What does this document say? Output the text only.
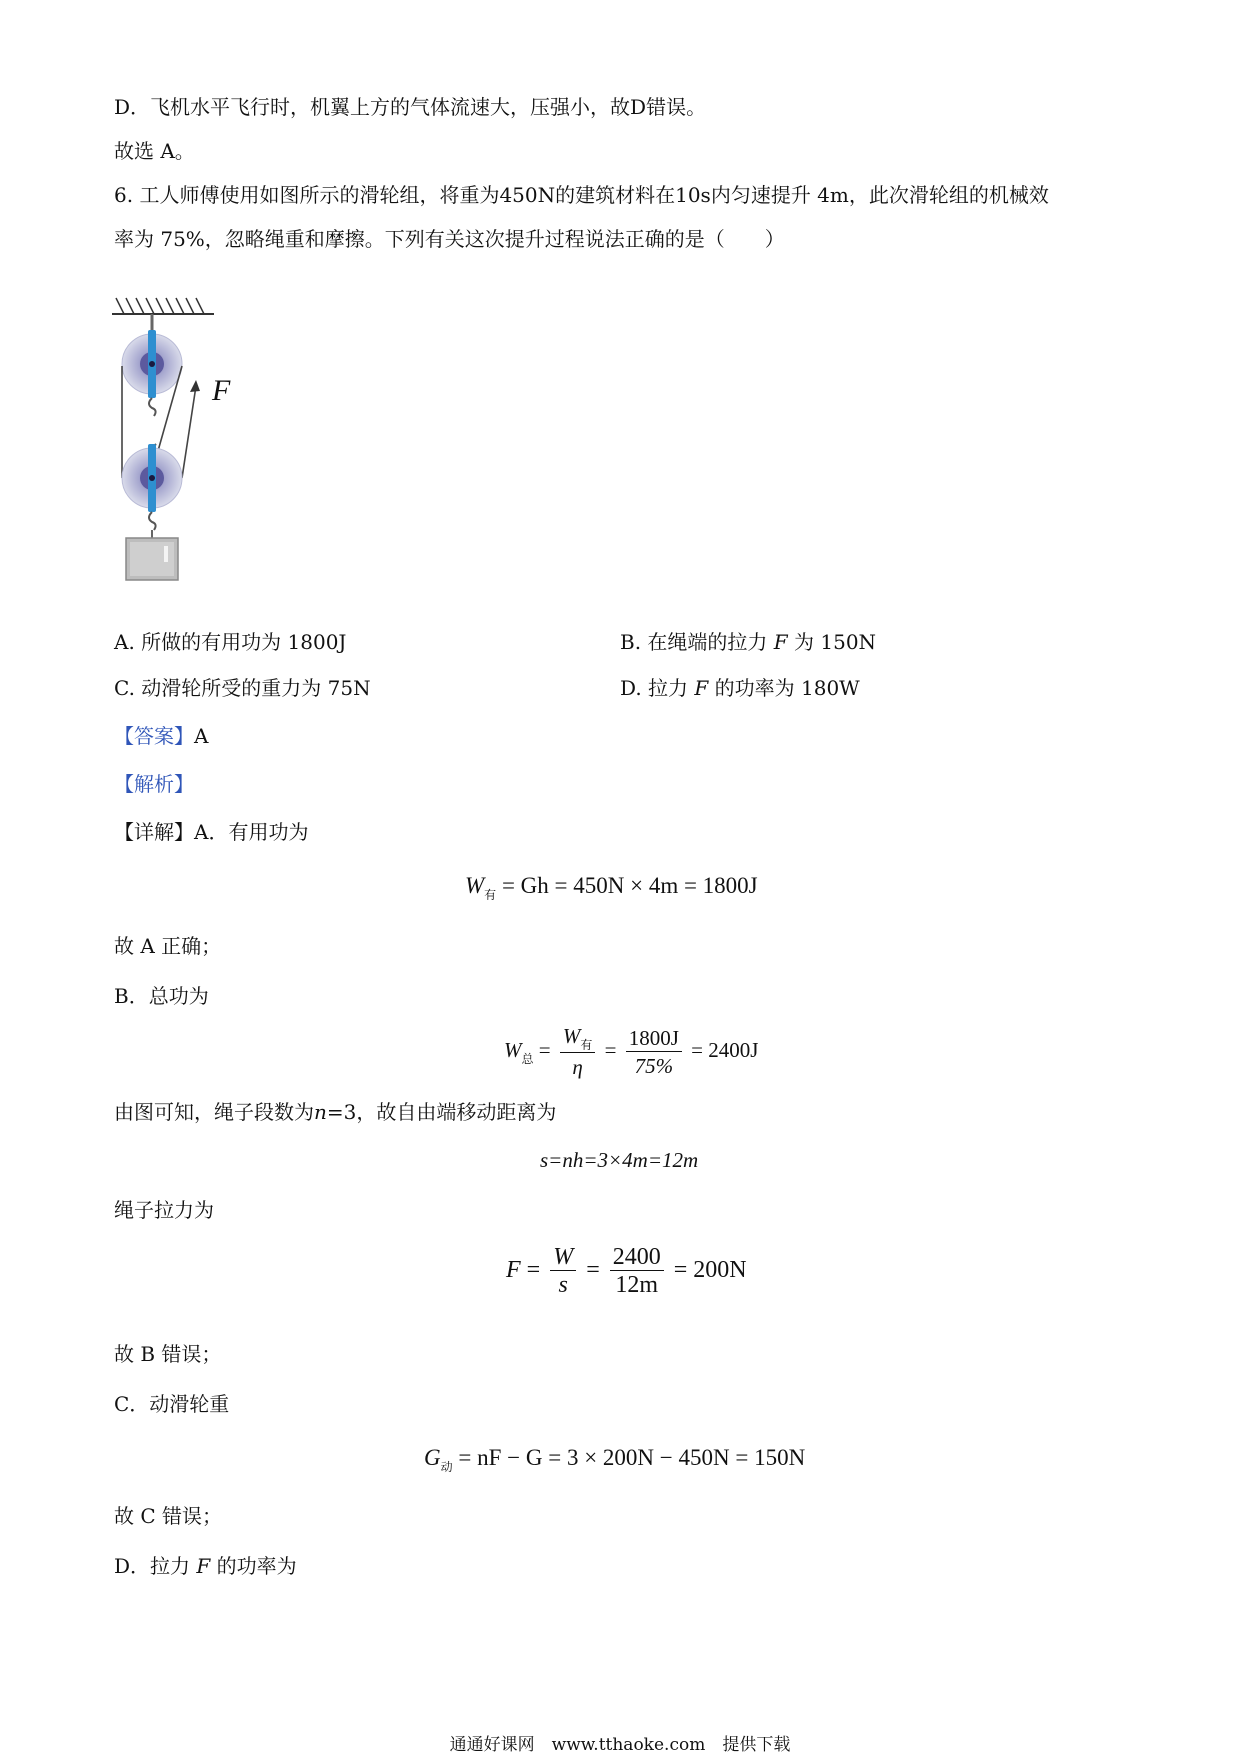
D．飞机水平飞行时，机翼上方的气体流速大，压强小，故D错误。
故选 A。
6. 工人师傅使用如图所示的滑轮组，将重为450N的建筑材料在10s内匀速提升 4m，此次滑轮组的机械效
率为 75%，忽略绳重和摩擦。下列有关这次提升过程说法正确的是（　　）
F
A. 所做的有用功为 1800J	B. 在绳端的拉力 F 为 150N
C. 动滑轮所受的重力为 75N	D. 拉力 F 的功率为 180W
【答案】A
【解析】
【详解】A．有用功为
$W_有 = Gh = 450N \times 4m = 1800J$
故 A 正确；
B．总功为
$W_总 = \frac{W_有}{\eta} = \frac{1800J}{75\%} = 2400J$
由图可知，绳子段数为n=3，故自由端移动距离为
s=nh=3×4m=12m
绳子拉力为
$F = \frac{W}{s} = \frac{2400}{12m} = 200N$
故 B 错误；
C．动滑轮重
$G_动$ = nF − G = 3 × 200N − 450N = 150N
故 C 错误；
D．拉力 F 的功率为
通通好课网　www.tthaoke.com　提供下载
